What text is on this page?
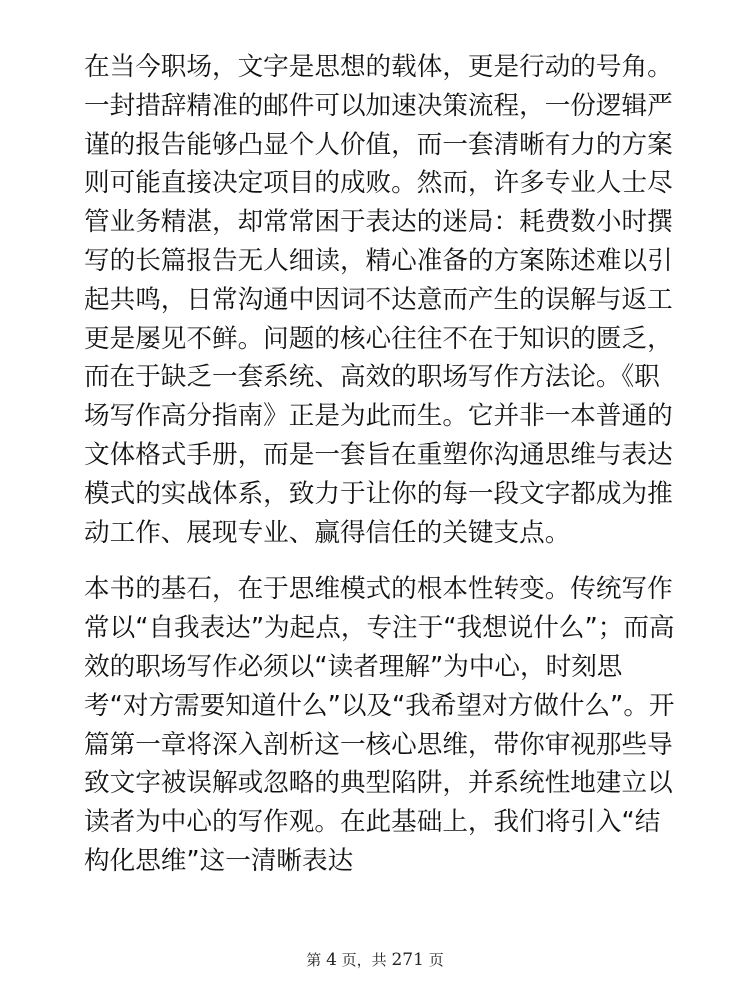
在当今职场，文字是思想的载体，更是行动的号角。一封措辞精准的邮件可以加速决策流程，一份逻辑严谨的报告能够凸显个人价值，而一套清晰有力的方案则可能直接决定项目的成败。然而，许多专业人士尽管业务精湛，却常常困于表达的迷局：耗费数小时撰写的长篇报告无人细读，精心准备的方案陈述难以引起共鸣，日常沟通中因词不达意而产生的误解与返工更是屡见不鲜。问题的核心往往不在于知识的匮乏，而在于缺乏一套系统、高效的职场写作方法论。《职场写作高分指南》正是为此而生。它并非一本普通的文体格式手册，而是一套旨在重塑你沟通思维与表达模式的实战体系，致力于让你的每一段文字都成为推动工作、展现专业、赢得信任的关键支点。

本书的基石，在于思维模式的根本性转变。传统写作常以“自我表达”为起点，专注于“我想说什么”；而高效的职场写作必须以“读者理解”为中心，时刻思考“对方需要知道什么”以及“我希望对方做什么”。开篇第一章将深入剖析这一核心思维，带你审视那些导致文字被误解或忽略的典型陷阱，并系统性地建立以读者为中心的写作观。在此基础上，我们将引入“结构化思维”这一清晰表达

第 4 页，共 271 页
